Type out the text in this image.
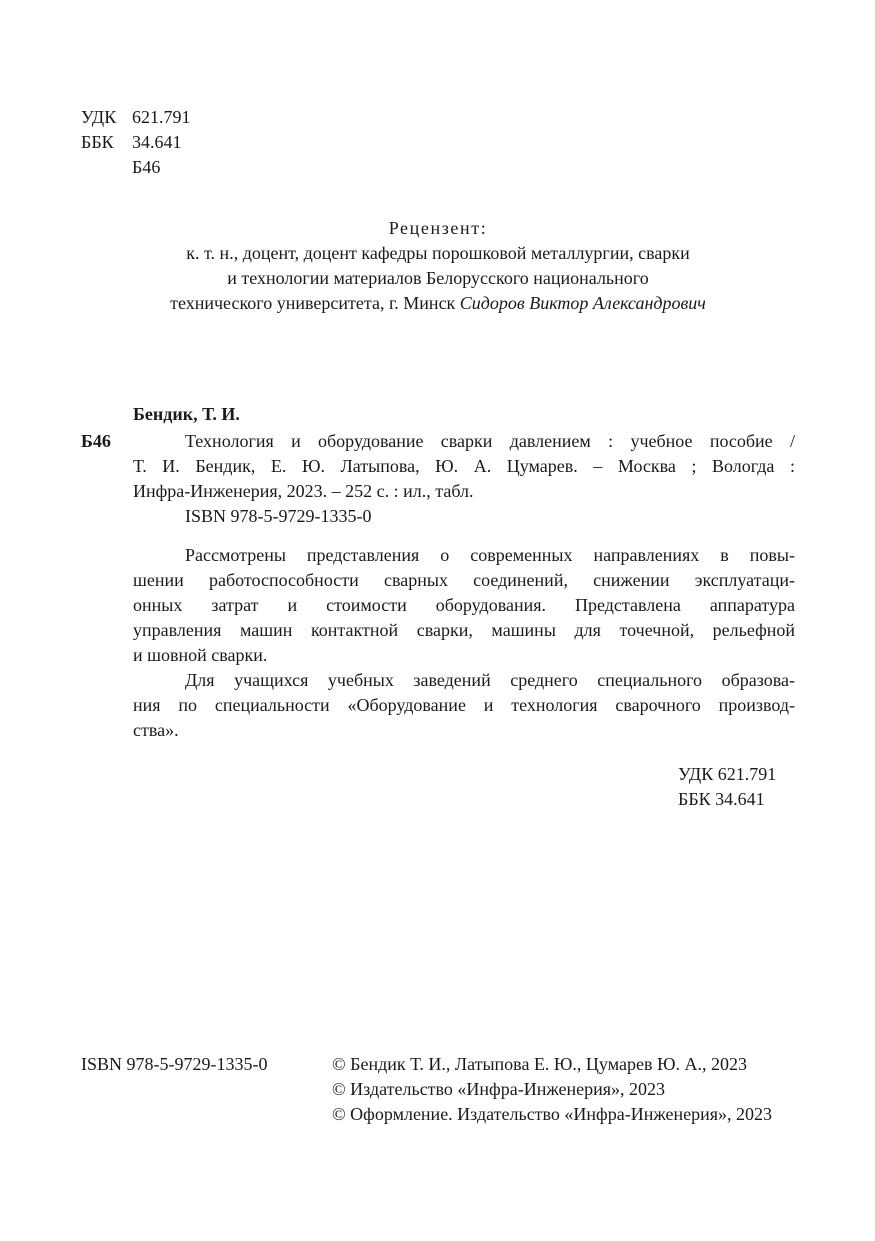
УДК 621.791
ББК 34.641
Б46
Рецензент:
к. т. н., доцент, доцент кафедры порошковой металлургии, сварки
и технологии материалов Белорусского национального
технического университета, г. Минск Сидоров Виктор Александрович
Бендик, Т. И.
Б46	Технология и оборудование сварки давлением : учебное пособие /
Т. И. Бендик, Е. Ю. Латыпова, Ю. А. Цумарев. – Москва ; Вологда :
Инфра-Инженерия, 2023. – 252 с. : ил., табл.
ISBN 978-5-9729-1335-0
Рассмотрены представления о современных направлениях в повы-
шении работоспособности сварных соединений, снижении эксплуатаци-
онных затрат и стоимости оборудования. Представлена аппаратура
управления машин контактной сварки, машины для точечной, рельефной
и шовной сварки.
Для учащихся учебных заведений среднего специального образова-
ния по специальности «Оборудование и технология сварочного производ-
ства».
УДК 621.791
ББК 34.641
ISBN 978-5-9729-1335-0	© Бендик Т. И., Латыпова Е. Ю., Цумарев Ю. А., 2023
© Издательство «Инфра-Инженерия», 2023
© Оформление. Издательство «Инфра-Инженерия», 2023
